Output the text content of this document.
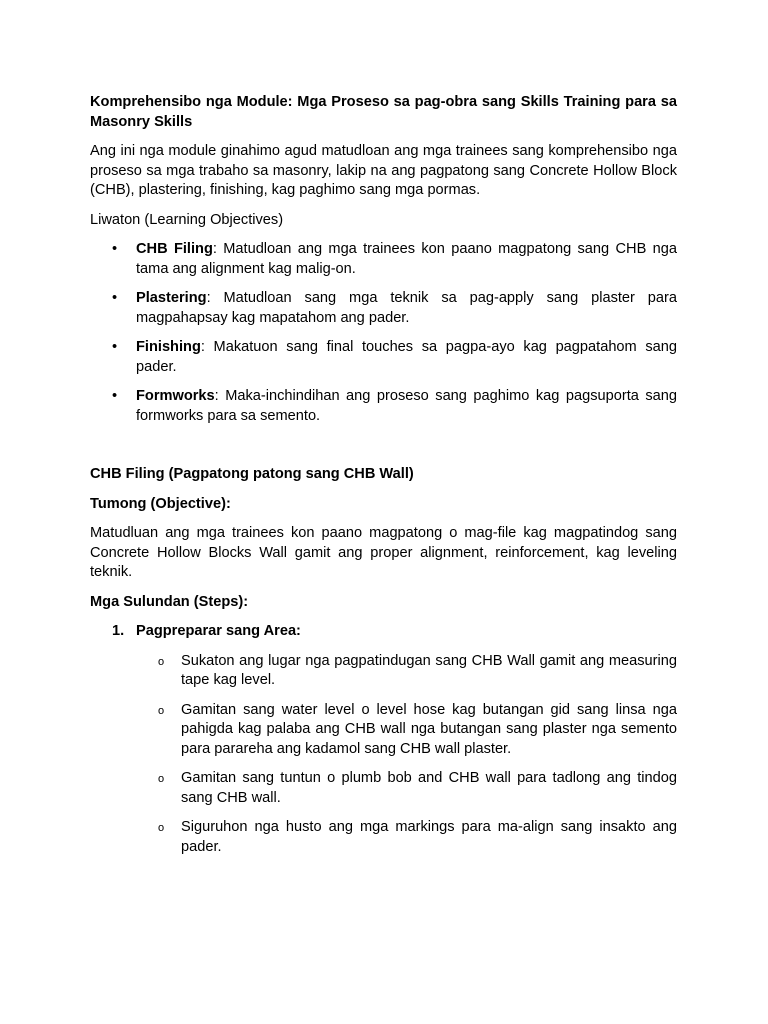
Komprehensibo nga Module: Mga Proseso sa pag-obra sang Skills Training para sa Masonry Skills

Ang ini nga module ginahimo agud matudloan ang mga trainees sang komprehensibo nga proseso sa mga trabaho sa masonry, lakip na ang pagpatong sang Concrete Hollow Block (CHB), plastering, finishing, kag paghimo sang mga pormas.

Liwaton (Learning Objectives)

• CHB Filing: Matudloan ang mga trainees kon paano magpatong sang CHB nga tama ang alignment kag malig-on.
• Plastering: Matudloan sang mga teknik sa pag-apply sang plaster para magpahapsay kag mapatahom ang pader.
• Finishing: Makatuon sang final touches sa pagpa-ayo kag pagpatahom sang pader.
• Formworks: Maka-inchindihan ang proseso sang paghimo kag pagsuporta sang formworks para sa semento.

CHB Filing (Pagpatong patong sang CHB Wall)

Tumong (Objective):

Matudluan ang mga trainees kon paano magpatong o mag-file kag magpatindog sang Concrete Hollow Blocks Wall gamit ang proper alignment, reinforcement, kag leveling teknik.

Mga Sulundan (Steps):

1. Pagpreparar sang Area:

o Sukaton ang lugar nga pagpatindugan sang CHB Wall gamit ang measuring tape kag level.
o Gamitan sang water level o level hose kag butangan gid sang linsa nga pahigda kag palaba ang CHB wall nga butangan sang plaster nga semento para parareha ang kadamol sang CHB wall plaster.
o Gamitan sang tuntun o plumb bob and CHB wall para tadlong ang tindog sang CHB wall.
o Siguruhon nga husto ang mga markings para ma-align sang insakto ang pader.
